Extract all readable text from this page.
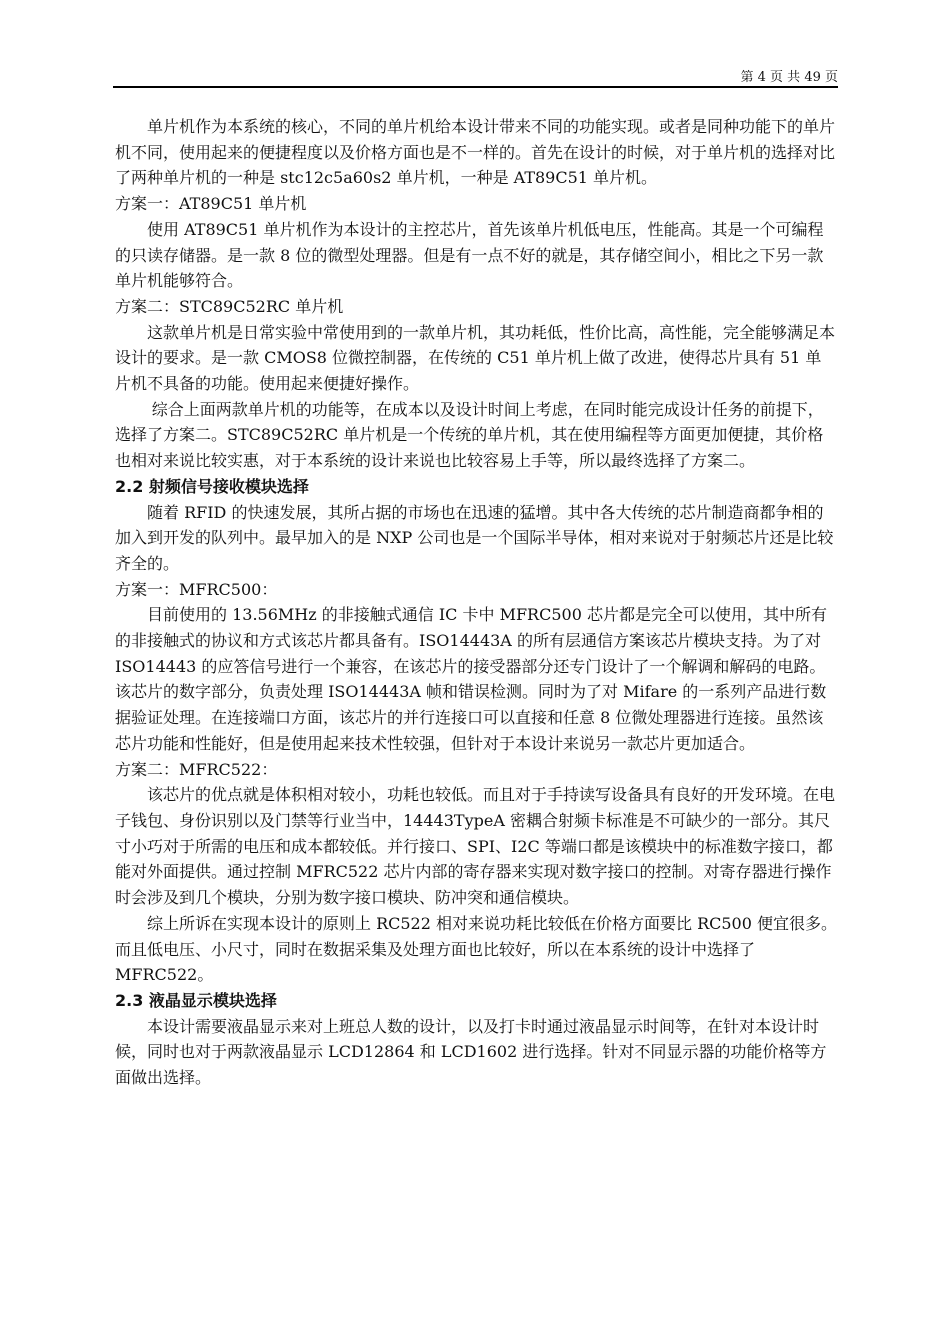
第 4 页 共 49 页

单片机作为本系统的核心，不同的单片机给本设计带来不同的功能实现。或者是同种功能下的单片机不同，使用起来的便捷程度以及价格方面也是不一样的。首先在设计的时候，对于单片机的选择对比了两种单片机的一种是 stc12c5a60s2 单片机，一种是 AT89C51 单片机。

方案一：AT89C51 单片机

使用 AT89C51 单片机作为本设计的主控芯片，首先该单片机低电压，性能高。其是一个可编程的只读存储器。是一款 8 位的微型处理器。但是有一点不好的就是，其存储空间小，相比之下另一款单片机能够符合。

方案二：STC89C52RC 单片机

这款单片机是日常实验中常使用到的一款单片机，其功耗低，性价比高，高性能，完全能够满足本设计的要求。是一款 CMOS8 位微控制器，在传统的 C51 单片机上做了改进，使得芯片具有 51 单片机不具备的功能。使用起来便捷好操作。

综合上面两款单片机的功能等，在成本以及设计时间上考虑，在同时能完成设计任务的前提下，选择了方案二。STC89C52RC 单片机是一个传统的单片机，其在使用编程等方面更加便捷，其价格也相对来说比较实惠，对于本系统的设计来说也比较容易上手等，所以最终选择了方案二。

2.2 射频信号接收模块选择

随着 RFID 的快速发展，其所占据的市场也在迅速的猛增。其中各大传统的芯片制造商都争相的加入到开发的队列中。最早加入的是 NXP 公司也是一个国际半导体，相对来说对于射频芯片还是比较齐全的。

方案一：MFRC500：

目前使用的 13.56MHz 的非接触式通信 IC 卡中 MFRC500 芯片都是完全可以使用，其中所有的非接触式的协议和方式该芯片都具备有。ISO14443A 的所有层通信方案该芯片模块支持。为了对 ISO14443 的应答信号进行一个兼容，在该芯片的接受器部分还专门设计了一个解调和解码的电路。该芯片的数字部分，负责处理 ISO14443A 帧和错误检测。同时为了对 Mifare 的一系列产品进行数据验证处理。在连接端口方面，该芯片的并行连接口可以直接和任意 8 位微处理器进行连接。虽然该芯片功能和性能好，但是使用起来技术性较强，但针对于本设计来说另一款芯片更加适合。

方案二：MFRC522：

该芯片的优点就是体积相对较小，功耗也较低。而且对于手持读写设备具有良好的开发环境。在电子钱包、身份识别以及门禁等行业当中，14443TypeA 密耦合射频卡标准是不可缺少的一部分。其尺寸小巧对于所需的电压和成本都较低。并行接口、SPI、I2C 等端口都是该模块中的标准数字接口，都能对外面提供。通过控制 MFRC522 芯片内部的寄存器来实现对数字接口的控制。对寄存器进行操作时会涉及到几个模块，分别为数字接口模块、防冲突和通信模块。

综上所诉在实现本设计的原则上 RC522 相对来说功耗比较低在价格方面要比 RC500 便宜很多。而且低电压、小尺寸，同时在数据采集及处理方面也比较好，所以在本系统的设计中选择了 MFRC522。

2.3 液晶显示模块选择

本设计需要液晶显示来对上班总人数的设计，以及打卡时通过液晶显示时间等，在针对本设计时候，同时也对于两款液晶显示 LCD12864 和 LCD1602 进行选择。针对不同显示器的功能价格等方面做出选择。
